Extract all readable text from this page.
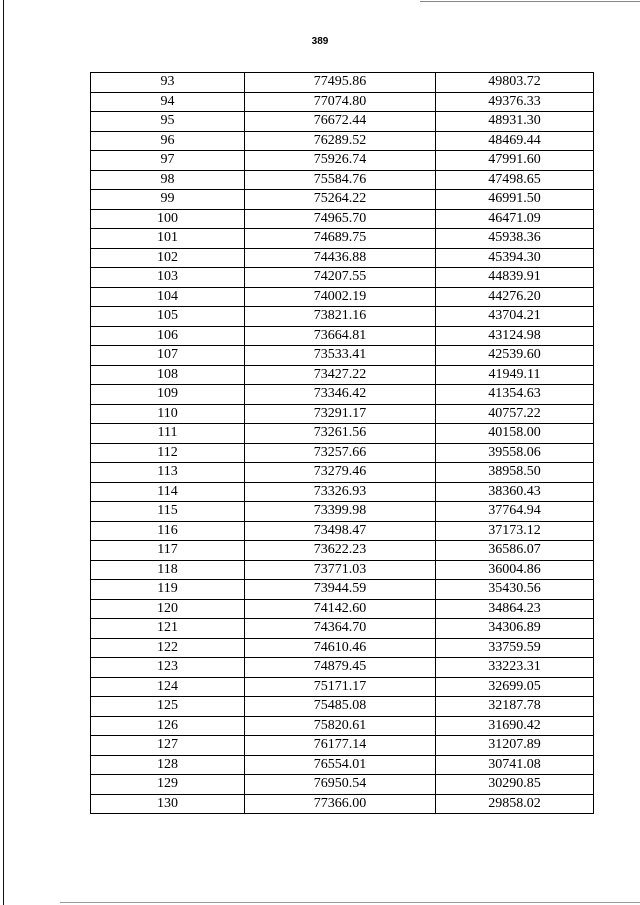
389
93	77495.86	49803.72
94	77074.80	49376.33
95	76672.44	48931.30
96	76289.52	48469.44
97	75926.74	47991.60
98	75584.76	47498.65
99	75264.22	46991.50
100	74965.70	46471.09
101	74689.75	45938.36
102	74436.88	45394.30
103	74207.55	44839.91
104	74002.19	44276.20
105	73821.16	43704.21
106	73664.81	43124.98
107	73533.41	42539.60
108	73427.22	41949.11
109	73346.42	41354.63
110	73291.17	40757.22
111	73261.56	40158.00
112	73257.66	39558.06
113	73279.46	38958.50
114	73326.93	38360.43
115	73399.98	37764.94
116	73498.47	37173.12
117	73622.23	36586.07
118	73771.03	36004.86
119	73944.59	35430.56
120	74142.60	34864.23
121	74364.70	34306.89
122	74610.46	33759.59
123	74879.45	33223.31
124	75171.17	32699.05
125	75485.08	32187.78
126	75820.61	31690.42
127	76177.14	31207.89
128	76554.01	30741.08
129	76950.54	30290.85
130	77366.00	29858.02
